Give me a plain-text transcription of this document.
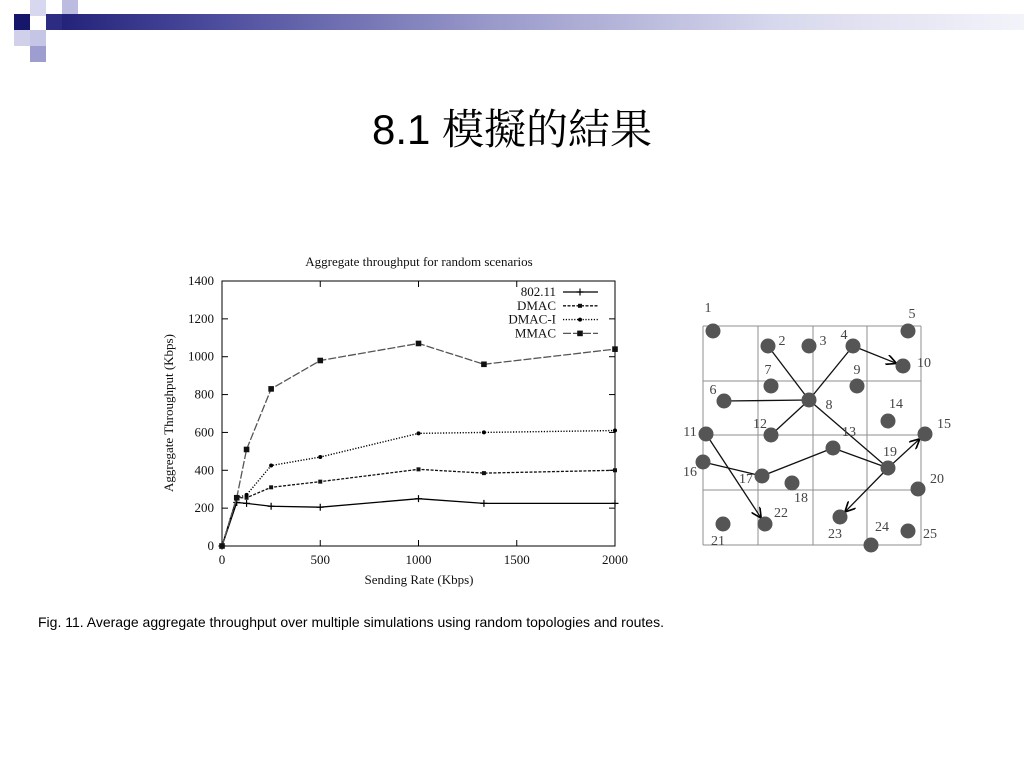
8.1 模擬的結果
Aggregate throughput for random scenarios
Sending Rate (Kbps)
Aggregate Throughput (Kbps)
0
200
400
600
800
1000
1200
1400
0	500	1000	1500	2000
802.11
DMAC
DMAC-I
MMAC
1
2 3 4
5
6
7
8
9	10
11
12
13
14
15
16	17
18
19
20
21
22
23 24 25
Fig. 11. Average aggregate throughput over multiple simulations using random topologies and routes.
